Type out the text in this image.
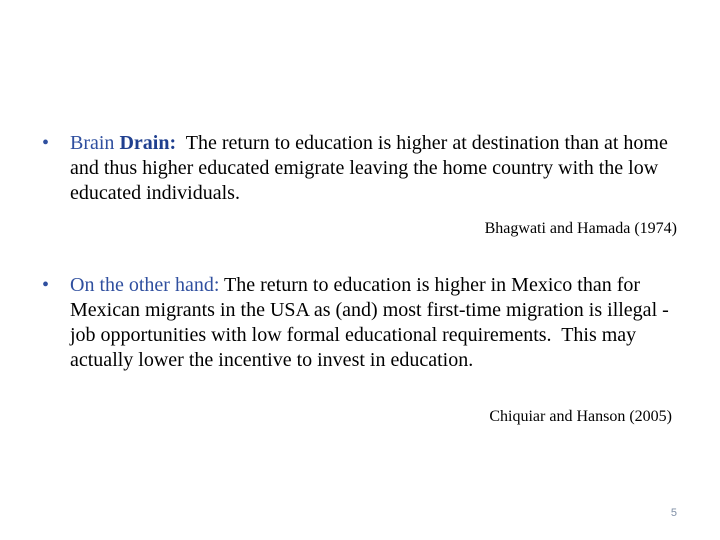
• Brain Drain:  The return to education is higher at destination than at home and thus higher educated emigrate leaving the home country with the low educated individuals.
Bhagwati and Hamada (1974)
• On the other hand: The return to education is higher in Mexico than for Mexican migrants in the USA as (and) most first-time migration is illegal - job opportunities with low formal educational requirements.  This may actually lower the incentive to invest in education.
Chiquiar and Hanson (2005)
5
